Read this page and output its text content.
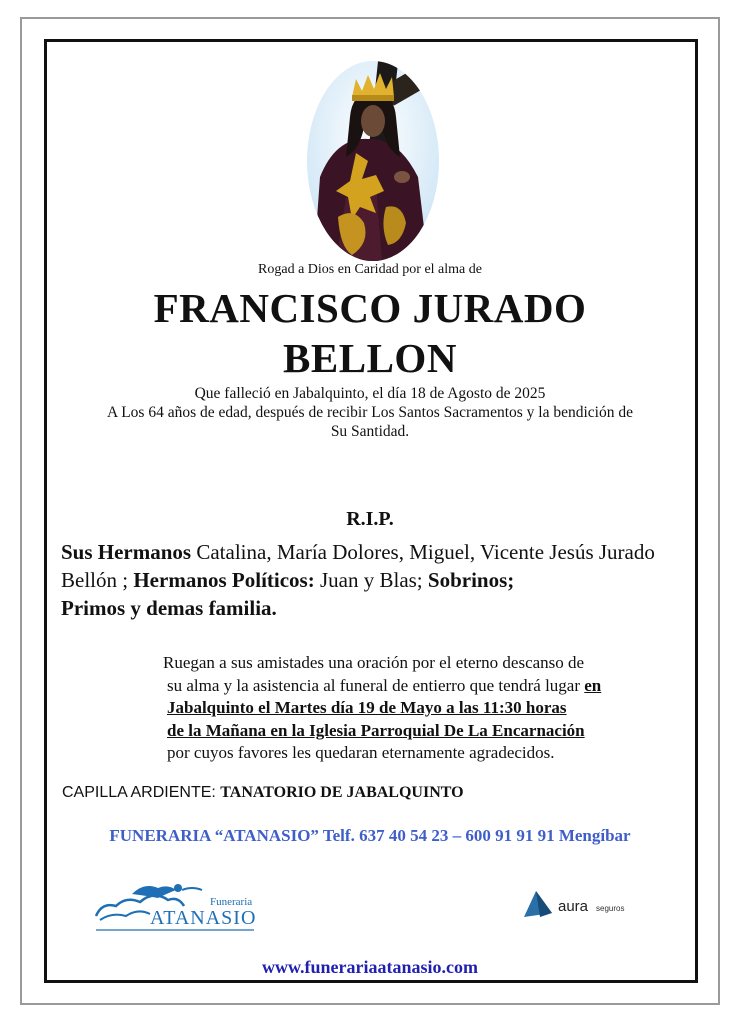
Rogad a Dios en Caridad por el alma de
FRANCISCO JURADO
BELLON
Que falleció en Jabalquinto, el día 18 de Agosto de 2025
A Los 64 años de edad, después de recibir Los Santos Sacramentos y la bendición de
Su Santidad.
R.I.P.
Sus Hermanos Catalina, María Dolores, Miguel, Vicente Jesús Jurado Bellón ; Hermanos Políticos: Juan y Blas; Sobrinos;
Primos y demas familia.
Ruegan a sus amistades una oración por el eterno descanso de
su alma y la asistencia al funeral de entierro que tendrá lugar en
Jabalquinto el Martes día 19 de Mayo a las 11:30 horas
de la Mañana en la Iglesia Parroquial De La Encarnación
por cuyos favores les quedaran eternamente agradecidos.
CAPILLA ARDIENTE: TANATORIO DE JABALQUINTO
FUNERARIA “ATANASIO” Telf. 637 40 54 23 – 600 91 91 91 Mengíbar
Funeraria
ATANASIO
aura seguros
www.funerariaatanasio.com
